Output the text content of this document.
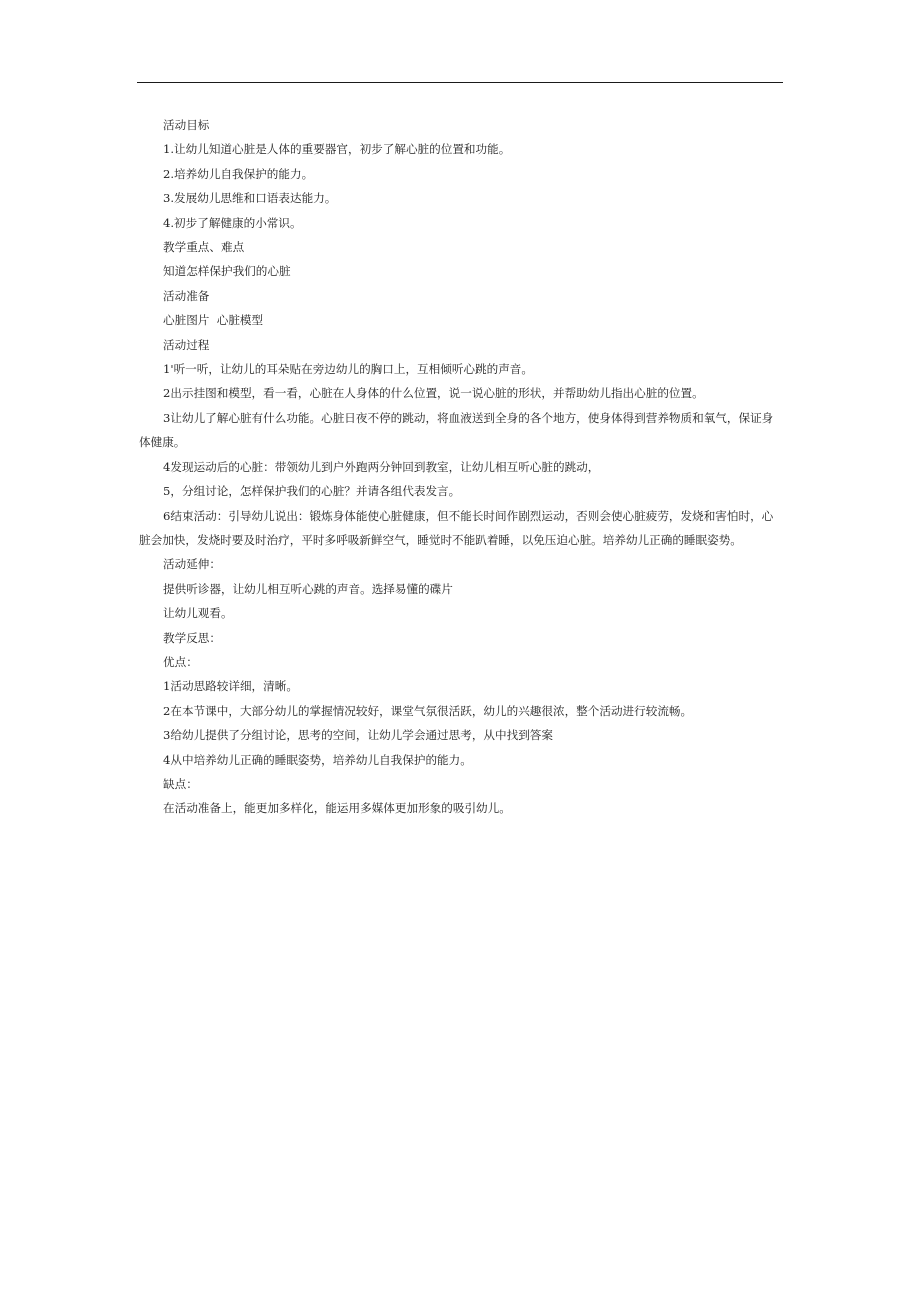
活动目标

1.让幼儿知道心脏是人体的重要器官，初步了解心脏的位置和功能。

2.培养幼儿自我保护的能力。

3.发展幼儿思维和口语表达能力。

4.初步了解健康的小常识。

教学重点、难点

知道怎样保护我们的心脏

活动准备

心脏图片  心脏模型

活动过程

1'听一听，让幼儿的耳朵贴在旁边幼儿的胸口上，互相倾听心跳的声音。

2出示挂图和模型，看一看，心脏在人身体的什么位置，说一说心脏的形状，并帮助幼儿指出心脏的位置。

3让幼儿了解心脏有什么功能。心脏日夜不停的跳动，将血液送到全身的各个地方，使身体得到营养物质和氧气，保证身体健康。

4发现运动后的心脏：带领幼儿到户外跑两分钟回到教室，让幼儿相互听心脏的跳动，

5，分组讨论，怎样保护我们的心脏？并请各组代表发言。

6结束活动：引导幼儿说出：锻炼身体能使心脏健康，但不能长时间作剧烈运动，否则会使心脏疲劳，发烧和害怕时，心脏会加快，发烧时要及时治疗，平时多呼吸新鲜空气，睡觉时不能趴着睡，以免压迫心脏。培养幼儿正确的睡眠姿势。

活动延伸：

提供听诊器，让幼儿相互听心跳的声音。选择易懂的碟片

让幼儿观看。

教学反思：

优点：

1活动思路较详细，清晰。

2在本节课中，大部分幼儿的掌握情况较好，课堂气氛很活跃，幼儿的兴趣很浓，整个活动进行较流畅。

3给幼儿提供了分组讨论，思考的空间，让幼儿学会通过思考，从中找到答案

4从中培养幼儿正确的睡眠姿势，培养幼儿自我保护的能力。

缺点：

在活动准备上，能更加多样化，能运用多媒体更加形象的吸引幼儿。
